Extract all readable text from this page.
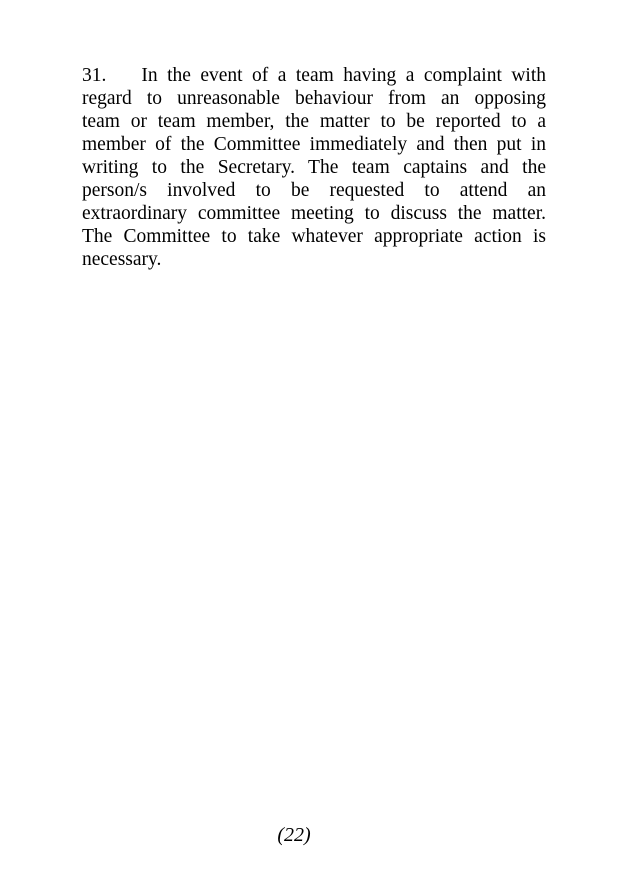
31. In the event of a team having a complaint with
regard to unreasonable behaviour from an opposing
team or team member, the matter to be reported to a
member of the Committee immediately and then put in
writing to the Secretary. The team captains and the
person/s involved to be requested to attend an
extraordinary committee meeting to discuss the matter.
The Committee to take whatever appropriate action is
necessary.
(22)
